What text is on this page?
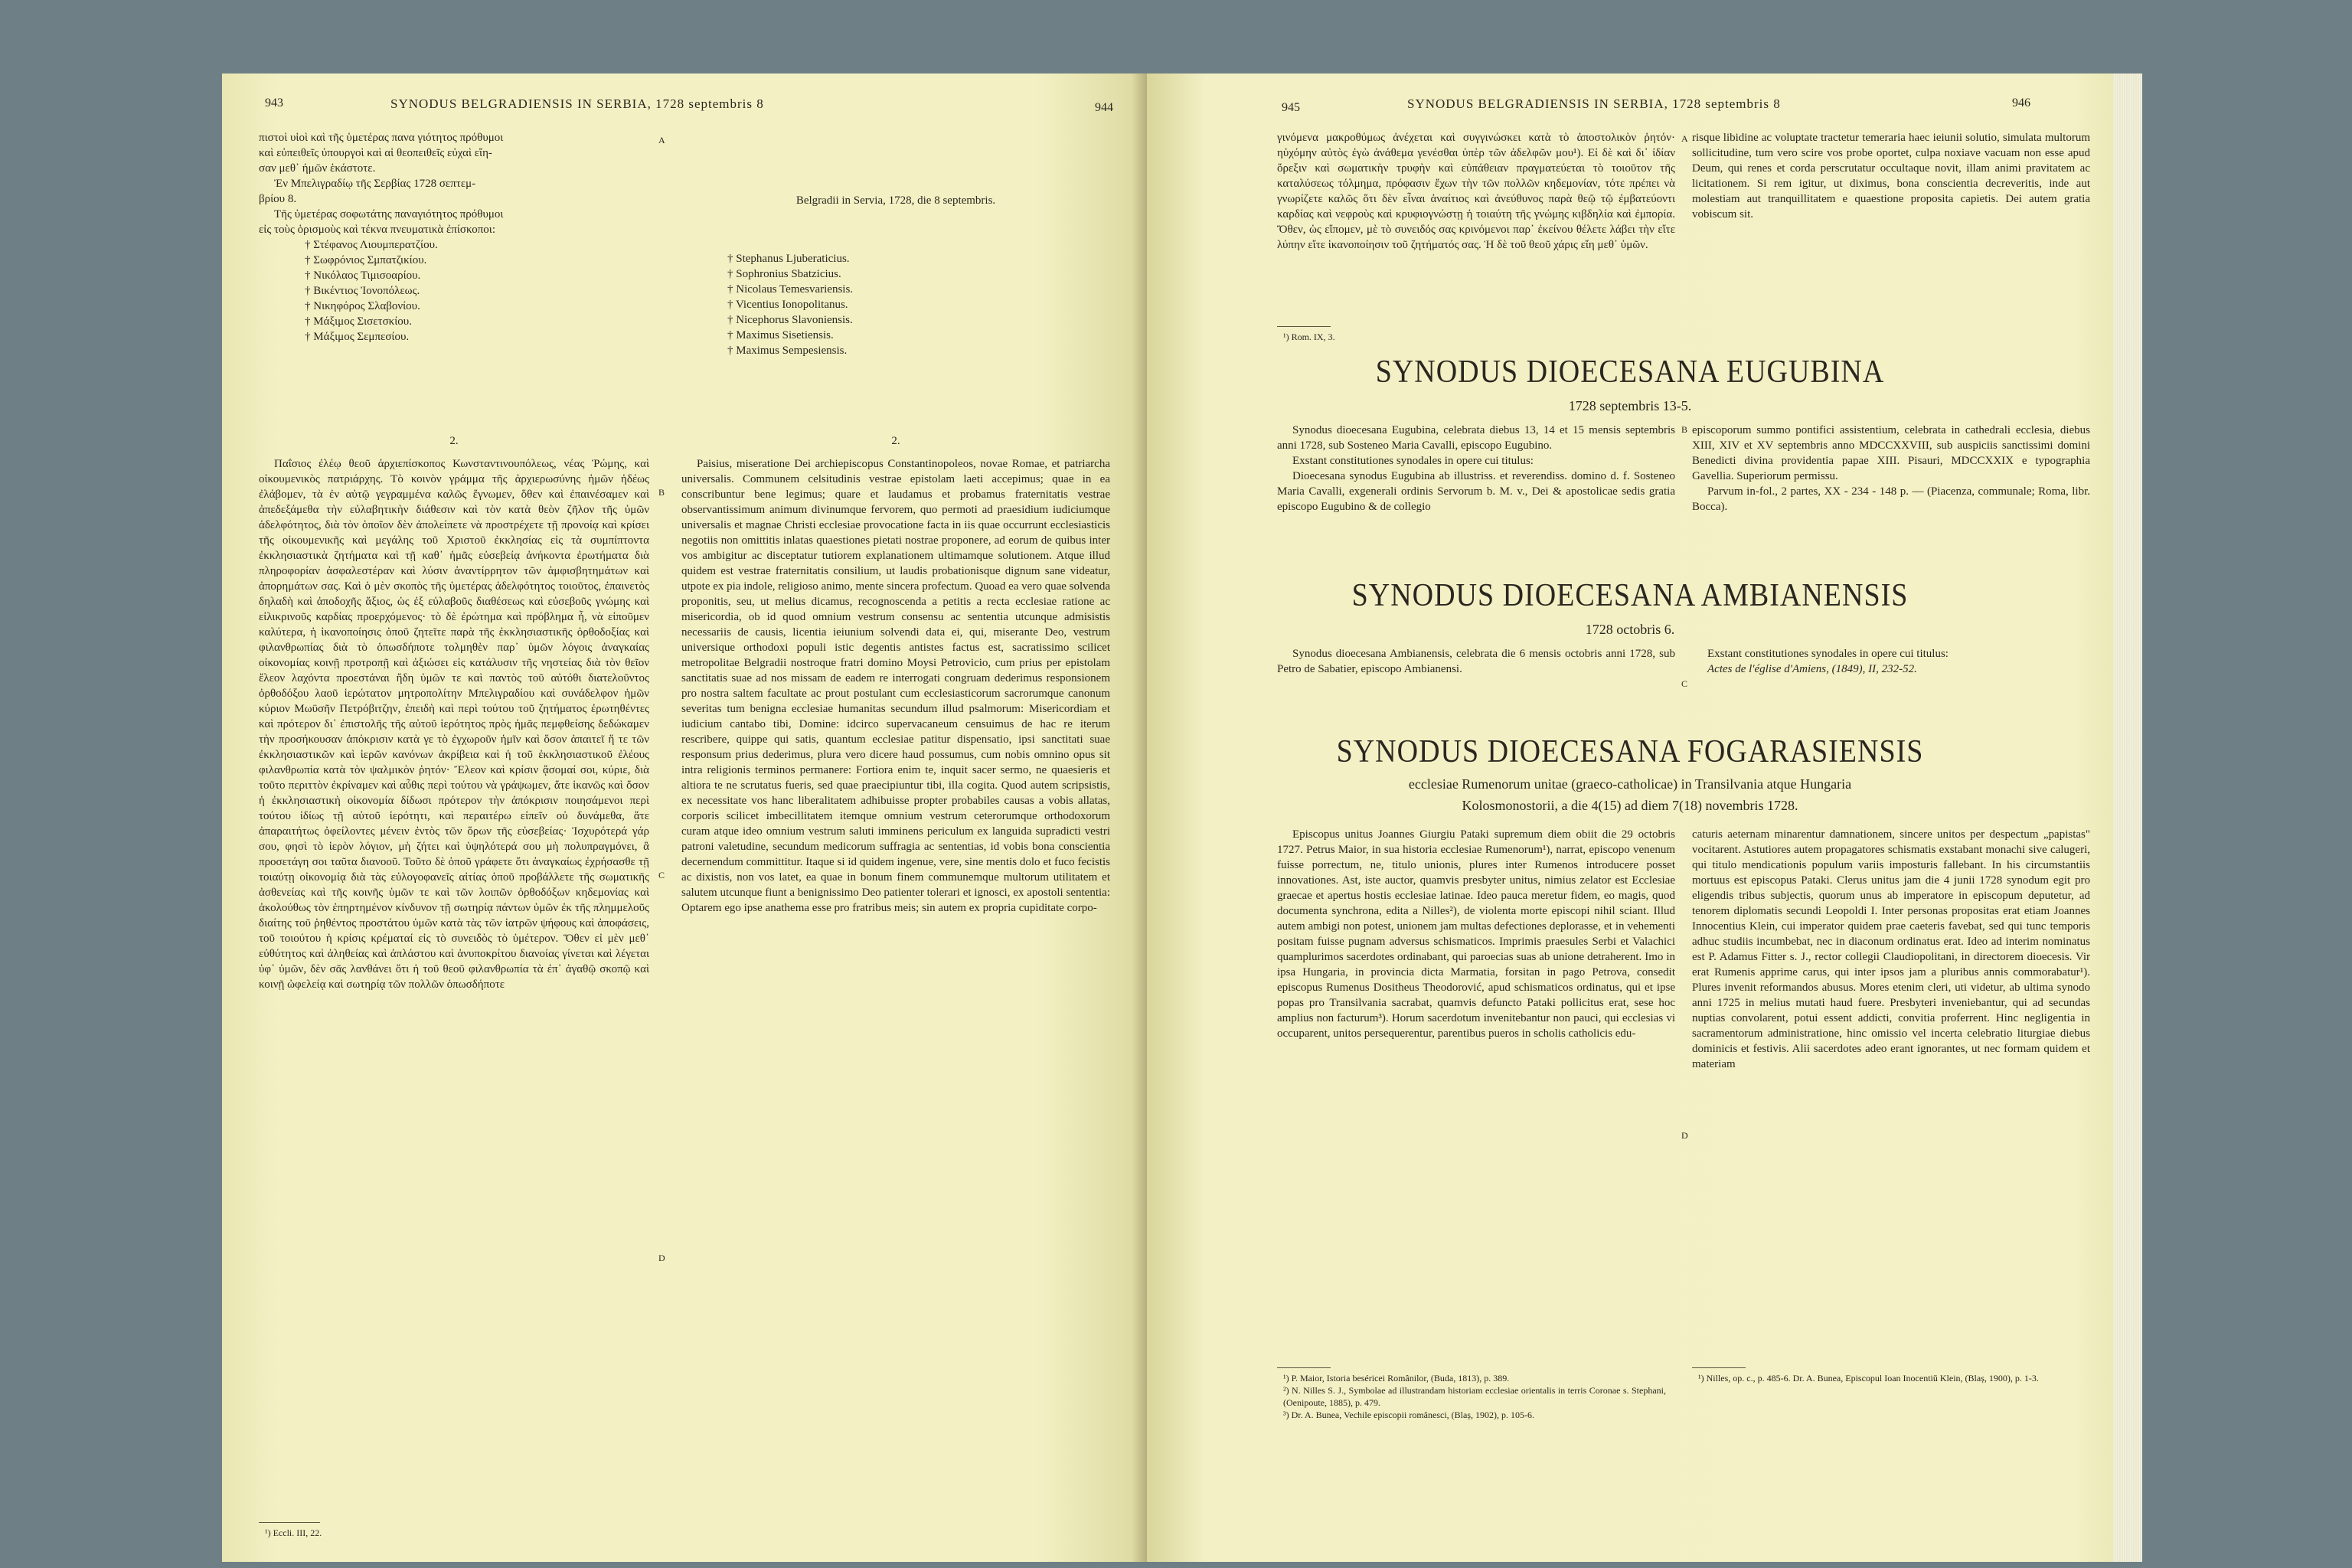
943	SYNODUS BELGRADIENSIS IN SERBIA, 1728 septembris 8	944

πιστοὶ υἱοὶ καὶ τῆς ὑμετέρας πανα γιότητος πρόθυμοι

καὶ εὐπειθεῖς ὑπουργοὶ καὶ αἱ θεοπειθεῖς εὐχαὶ εἴη-

σαν μεθ᾽ ἡμῶν ἑκάστοτε.

Ἐν Μπελιγραδίῳ τῆς Σερβίας 1728 σεπτεμ-

βρίου 8.

Τῆς ὑμετέρας σοφωτάτης παναγιότητος πρόθυμοι

εἰς τοὺς ὁρισμοὺς καὶ τέκνα πνευματικὰ ἐπίσκοποι:

† Στέφανος Λιουμπερατζίου.

† Σωφρόνιος Σμπατζικίου.

† Νικόλαος Τιμισοαρίου.

† Βικέντιος Ἰονοπόλεως.

† Νικηφόρος Σλαβονίου.

† Μάξιμος Σισετσκίου.

† Μάξιμος Σεμπεσίου.

A

Belgradii in Servia, 1728, die 8 septembris.

† Stephanus Ljuberaticius.

† Sophronius Sbatzicius.

† Nicolaus Temesvariensis.

† Vicentius Ionopolitanus.

† Nicephorus Slavoniensis.

† Maximus Sisetiensis.

† Maximus Sempesiensis.

2.	2.
Παΐσιος ἐλέῳ θεοῦ ἀρχιεπίσκοπος Κωνσταντινουπόλεως, νέας Ῥώμης, καὶ οἰκουμενικὸς πατριάρχης. Τὸ κοινὸν γράμμα τῆς ἀρχιερωσύνης ἡμῶν ἡδέως ἐλάβομεν, τὰ ἐν αὐτῷ γεγραμμένα καλῶς ἔγνωμεν, ὅθεν καὶ ἐπαινέσαμεν καὶ ἀπεδεξάμεθα τὴν εὐλαβητικὴν διάθεσιν καὶ τὸν κατὰ θεὸν ζῆλον τῆς ὑμῶν ἀδελφότητος, διὰ τὸν ὁποῖον δὲν ἀπολείπετε νὰ προστρέχετε τῇ προνοίᾳ καὶ κρίσει τῆς οἰκουμενικῆς καὶ μεγάλης τοῦ Χριστοῦ ἐκκλησίας εἰς τὰ συμπίπτοντα ἐκκλησιαστικὰ ζητήματα καὶ τῇ καθ᾽ ἡμᾶς εὐσεβείᾳ ἀνήκοντα ἐρωτήματα διὰ πληροφορίαν ἀσφαλεστέραν καὶ λύσιν ἀναντίρρητον τῶν ἀμφισβητημάτων καὶ ἀπορημάτων σας. Καὶ ὁ μὲν σκοπὸς τῆς ὑμετέρας ἀδελφότητος τοιοῦτος, ἐπαινετὸς δηλαδὴ καὶ ἀποδοχῆς ἄξιος, ὡς ἐξ εὐλαβοῦς διαθέσεως καὶ εὐσεβοῦς γνώμης καὶ εἰλικρινοῦς καρδίας προερχόμενος· τὸ δὲ ἐρώτημα καὶ πρόβλημα ἦ, νὰ εἰποῦμεν καλύτερα, ἡ ἱκανοποίησις ὁποῦ ζητεῖτε παρὰ τῆς ἐκκλησιαστικῆς ὀρθοδοξίας καὶ φιλανθρωπίας διὰ τὸ ὁπωσδήποτε τολμηθὲν παρ᾽ ὑμῶν λόγοις ἀναγκαίας οἰκονομίας κοινῇ προτροπῇ καὶ ἀξιώσει εἰς κατάλυσιν τῆς νηστείας διὰ τὸν θεῖον ἔλεον λαχόντα προεστάναι ἤδη ὑμῶν τε καὶ παντὸς τοῦ αὐτόθι διατελοῦντος ὀρθοδόξου λαοῦ ἱερώτατον μητροπολίτην Μπελιγραδίου καὶ συνάδελφον ἡμῶν κύριον Μωϋσῆν Πετρόβιτζην, ἐπειδὴ καὶ περὶ τούτου τοῦ ζητήματος ἐρωτηθέντες καὶ πρότερον δι᾽ ἐπιστολῆς τῆς αὐτοῦ ἱερότητος πρὸς ἡμᾶς πεμφθείσης δεδώκαμεν τὴν προσήκουσαν ἀπόκρισιν κατὰ γε τὸ ἐγχωροῦν ἡμῖν καὶ ὅσον ἀπαιτεῖ ἥ τε τῶν ἐκκλησιαστικῶν καὶ ἱερῶν κανόνων ἀκρίβεια καὶ ἡ τοῦ ἐκκλησιαστικοῦ ἐλέους φιλανθρωπία κατὰ τὸν ψαλμικὸν ῥητόν· Ἔλεον καὶ κρίσιν ᾄσομαί σοι, κύριε, διὰ τοῦτο περιττὸν ἐκρίναμεν καὶ αὖθις περὶ τούτου νὰ γράψωμεν, ἅτε ἱκανῶς καὶ ὅσον ἡ ἐκκλησιαστικὴ οἰκονομία δίδωσι πρότερον τὴν ἀπόκρισιν ποιησάμενοι περὶ τούτου ἰδίως τῇ αὐτοῦ ἱερότητι, καὶ περαιτέρω εἰπεῖν οὐ δυνάμεθα, ἅτε ἀπαραιτήτως ὀφείλοντες μένειν ἐντὸς τῶν ὅρων τῆς εὐσεβείας· Ἰσχυρότερά γάρ σου, φησὶ τὸ ἱερὸν λόγιον, μὴ ζήτει καὶ ὑψηλότερά σου μὴ πολυπραγμόνει, ἃ προσετάγη σοι ταῦτα διανοοῦ. Τοῦτο δὲ ὁποῦ γράφετε ὅτι ἀναγκαίως ἐχρήσασθε τῇ τοιαύτῃ οἰκονομίᾳ διὰ τὰς εὐλογοφανεῖς αἰτίας ὁποῦ προβάλλετε τῆς σωματικῆς ἀσθενείας καὶ τῆς κοινῆς ὑμῶν τε καὶ τῶν λοιπῶν ὀρθοδόξων κηδεμονίας καὶ ἀκολούθως τὸν ἐπηρτημένον κίνδυνον τῇ σωτηρίᾳ πάντων ὑμῶν ἐκ τῆς πλημμελοῦς διαίτης τοῦ ῥηθέντος προστάτου ὑμῶν κατὰ τὰς τῶν ἰατρῶν ψήφους καὶ ἀποφάσεις, τοῦ τοιούτου ἡ κρίσις κρέματαί εἰς τὸ συνειδὸς τὸ ὑμέτερον. Ὅθεν εἰ μὲν μεθ᾽ εὐθύτητος καὶ ἀληθείας καὶ ἀπλάστου καὶ ἀνυποκρίτου διανοίας γίνεται καὶ λέγεται ὑφ᾽ ὑμῶν, δὲν σᾶς λανθάνει ὅτι ἡ τοῦ θεοῦ φιλανθρωπία τὰ ἐπ᾽ ἀγαθῷ σκοπῷ καὶ κοινῇ ὠφελείᾳ καὶ σωτηρίᾳ τῶν πολλῶν ὁπωσδήποτε
B
C
D
Paisius, miseratione Dei archiepiscopus Constantinopoleos, novae Romae, et patriarcha universalis. Communem celsitudinis vestrae epistolam laeti accepimus; quae in ea conscribuntur bene legimus; quare et laudamus et probamus fraternitatis vestrae observantissimum animum divinumque fervorem, quo permoti ad praesidium iudiciumque universalis et magnae Christi ecclesiae provocatione facta in iis quae occurrunt ecclesiasticis negotiis non omittitis inlatas quaestiones pietati nostrae proponere, ad eorum de quibus inter vos ambigitur ac disceptatur tutiorem explanationem ultimamque solutionem. Atque illud quidem est vestrae fraternitatis consilium, ut laudis probationisque dignum sane videatur, utpote ex pia indole, religioso animo, mente sincera profectum. Quoad ea vero quae solvenda proponitis, seu, ut melius dicamus, recognoscenda a petitis a recta ecclesiae ratione ac misericordia, ob id quod omnium vestrum consensu ac sententia utcunque admisistis necessariis de causis, licentia ieiunium solvendi data ei, qui, miserante Deo, vestrum universique orthodoxi populi istic degentis antistes factus est, sacratissimo scilicet metropolitae Belgradii nostroque fratri domino Moysi Petrovicio, cum prius per epistolam sanctitatis suae ad nos missam de eadem re interrogati congruam dederimus responsionem pro nostra saltem facultate ac prout postulant cum ecclesiasticorum sacrorumque canonum severitas tum benigna ecclesiae humanitas secundum illud psalmorum: Misericordiam et iudicium cantabo tibi, Domine: idcirco supervacaneum censuimus de hac re iterum rescribere, quippe qui satis, quantum ecclesiae patitur dispensatio, ipsi sanctitati suae responsum prius dederimus, plura vero dicere haud possumus, cum nobis omnino opus sit intra religionis terminos permanere: Fortiora enim te, inquit sacer sermo, ne quaesieris et altiora te ne scrutatus fueris, sed quae praecipiuntur tibi, illa cogita. Quod autem scripsistis, ex necessitate vos hanc liberalitatem adhibuisse propter probabiles causas a vobis allatas, corporis scilicet imbecillitatem itemque omnium vestrum ceterorumque orthodoxorum curam atque ideo omnium vestrum saluti imminens periculum ex languida supradicti vestri patroni valetudine, secundum medicorum suffragia ac sententias, id vobis bona conscientia decernendum committitur. Itaque si id quidem ingenue, vere, sine mentis dolo et fuco fecistis ac dixistis, non vos latet, ea quae in bonum finem communemque multorum utilitatem et salutem utcunque fiunt a benignissimo Deo patienter tolerari et ignosci, ex apostoli sententia: Optarem ego ipse anathema esse pro fratribus meis; sin autem ex propria cupiditate corpo-
¹) Eccli. III, 22.
945	SYNODUS BELGRADIENSIS IN SERBIA, 1728 septembris 8	946
γινόμενα μακροθύμως ἀνέχεται καὶ συγγινώσκει κατὰ τὸ ἀποστολικὸν ῥητόν· ηὐχόμην αὐτὸς ἐγὼ ἀνάθεμα γενέσθαι ὑπὲρ τῶν ἀδελφῶν μου¹). Εἰ δὲ καὶ δι᾽ ἰδίαν ὄρεξιν καὶ σωματικὴν τρυφὴν καὶ εὐπάθειαν πραγματεύεται τὸ τοιοῦτον τῆς καταλύσεως τόλμημα, πρόφασιν ἔχων τὴν τῶν πολλῶν κηδεμονίαν, τότε πρέπει νὰ γνωρίζετε καλῶς ὅτι δὲν εἶναι ἀναίτιος καὶ ἀνεύθυνος παρὰ θεῷ τῷ ἐμβατεύοντι καρδίας καὶ νεφροὺς καὶ κρυφιογνώστῃ ἡ τοιαύτη τῆς γνώμης κιβδηλία καὶ ἐμπορία. Ὅθεν, ὡς εἴπομεν, μὲ τὸ συνειδός σας κρινόμενοι παρ᾽ ἐκείνου θέλετε λάβει τὴν εἴτε λύπην εἴτε ἱκανοποίησιν τοῦ ζητήματός σας. Ἡ δὲ τοῦ θεοῦ χάρις εἴη μεθ᾽ ὑμῶν.
A risque libidine ac voluptate tractetur temeraria haec ieiunii solutio, simulata multorum sollicitudine, tum vero scire vos probe oportet, culpa noxiave vacuam non esse apud Deum, qui renes et corda perscrutatur occultaque novit, illam animi pravitatem ac licitationem. Si rem igitur, ut diximus, bona conscientia decreveritis, inde aut molestiam aut tranquillitatem e quaestione proposita capietis. Dei autem gratia vobiscum sit.
¹) Rom. IX, 3.
SYNODUS DIOECESANA EUGUBINA
1728 septembris 13-5.

Synodus dioecesana Eugubina, celebrata diebus 13, 14 et 15 mensis septembris anni 1728, sub Sosteneo Maria Cavalli, episcopo Eugubino.

Exstant constitutiones synodales in opere cui titulus:

Dioecesana synodus Eugubina ab illustriss. et reverendiss. domino d. f. Sosteneo Maria Cavalli, exgenerali ordinis Servorum b. M. v., Dei & apostolicae sedis gratia episcopo Eugubino & de collegio

B episcoporum summo pontifici assistentium, celebrata in cathedrali ecclesia, diebus XIII, XIV et XV septembris anno MDCCXXVIII, sub auspiciis sanctissimi domini Benedicti divina providentia papae XIII. Pisauri, MDCCXXIX e typographia Gavellia. Superiorum permissu.

Parvum in-fol., 2 partes, XX - 234 - 148 p. — (Piacenza, communale; Roma, libr. Bocca).

SYNODUS DIOECESANA AMBIANENSIS
1728 octobris 6.
Synodus dioecesana Ambianensis, celebrata die 6 mensis octobris anni 1728, sub Petro de Sabatier, episcopo Ambianensi.
C

Exstant constitutiones synodales in opere cui titulus:

Actes de l'église d'Amiens, (1849), II, 232-52.

SYNODUS DIOECESANA FOGARASIENSIS
ecclesiae Rumenorum unitae (graeco-catholicae) in Transilvania atque Hungaria
Kolosmonostorii, a die 4(15) ad diem 7(18) novembris 1728.
Episcopus unitus Joannes Giurgiu Pataki supremum diem obiit die 29 octobris 1727. Petrus Maior, in sua historia ecclesiae Rumenorum¹), narrat, episcopo venenum fuisse porrectum, ne, titulo unionis, plures inter Rumenos introducere posset innovationes. Ast, iste auctor, quamvis presbyter unitus, nimius zelator est Ecclesiae graecae et apertus hostis ecclesiae latinae. Ideo pauca meretur fidem, eo magis, quod documenta synchrona, edita a Nilles²), de violenta morte episcopi nihil sciant. Illud autem ambigi non potest, unionem jam multas defectiones deplorasse, et in vehementi positam fuisse pugnam adversus schismaticos. Imprimis praesules Serbi et Valachici quamplurimos sacerdotes ordinabant, qui paroecias suas ab unione detraherent. Imo in ipsa Hungaria, in provincia dicta Marmatia, forsitan in pago Petrova, consedit episcopus Rumenus Dositheus Theodorović, apud schismaticos ordinatus, qui et ipse popas pro Transilvania sacrabat, quamvis defuncto Pataki pollicitus erat, sese hoc amplius non facturum³). Horum sacerdotum invenitebantur non pauci, qui ecclesias vi occuparent, unitos persequerentur, parentibus pueros in scholis catholicis edu-
D
caturis aeternam minarentur damnationem, sincere unitos per despectum „papistas" vocitarent. Astutiores autem propagatores schismatis exstabant monachi sive calugeri, qui titulo mendicationis populum variis imposturis fallebant. In his circumstantiis mortuus est episcopus Pataki. Clerus unitus jam die 4 junii 1728 synodum egit pro eligendis tribus subjectis, quorum unus ab imperatore in episcopum deputetur, ad tenorem diplomatis secundi Leopoldi I. Inter personas propositas erat etiam Joannes Innocentius Klein, cui imperator quidem prae caeteris favebat, sed qui tunc temporis adhuc studiis incumbebat, nec in diaconum ordinatus erat. Ideo ad interim nominatus est P. Adamus Fitter s. J., rector collegii Claudiopolitani, in directorem dioecesis. Vir erat Rumenis apprime carus, qui inter ipsos jam a pluribus annis commorabatur¹). Plures invenit reformandos abusus. Mores etenim cleri, uti videtur, ab ultima synodo anni 1725 in melius mutati haud fuere. Presbyteri inveniebantur, qui ad secundas nuptias convolarent, potui essent addicti, convitia proferrent. Hinc negligentia in sacramentorum administratione, hinc omissio vel incerta celebratio liturgiae diebus dominicis et festivis. Alii sacerdotes adeo erant ignorantes, ut nec formam quidem et materiam

¹) P. Maior, Istoria beséricei Românilor, (Buda, 1813), p. 389.

²) N. Nilles S. J., Symbolae ad illustrandam historiam ecclesiae orientalis in terris Coronae s. Stephani, (Oenipoute, 1885), p. 479.

³) Dr. A. Bunea, Vechile episcopii românesci, (Blaș, 1902), p. 105-6.

¹) Nilles, op. c., p. 485-6. Dr. A. Bunea, Episcopul Ioan Inocentiŭ Klein, (Blaș, 1900), p. 1-3.
